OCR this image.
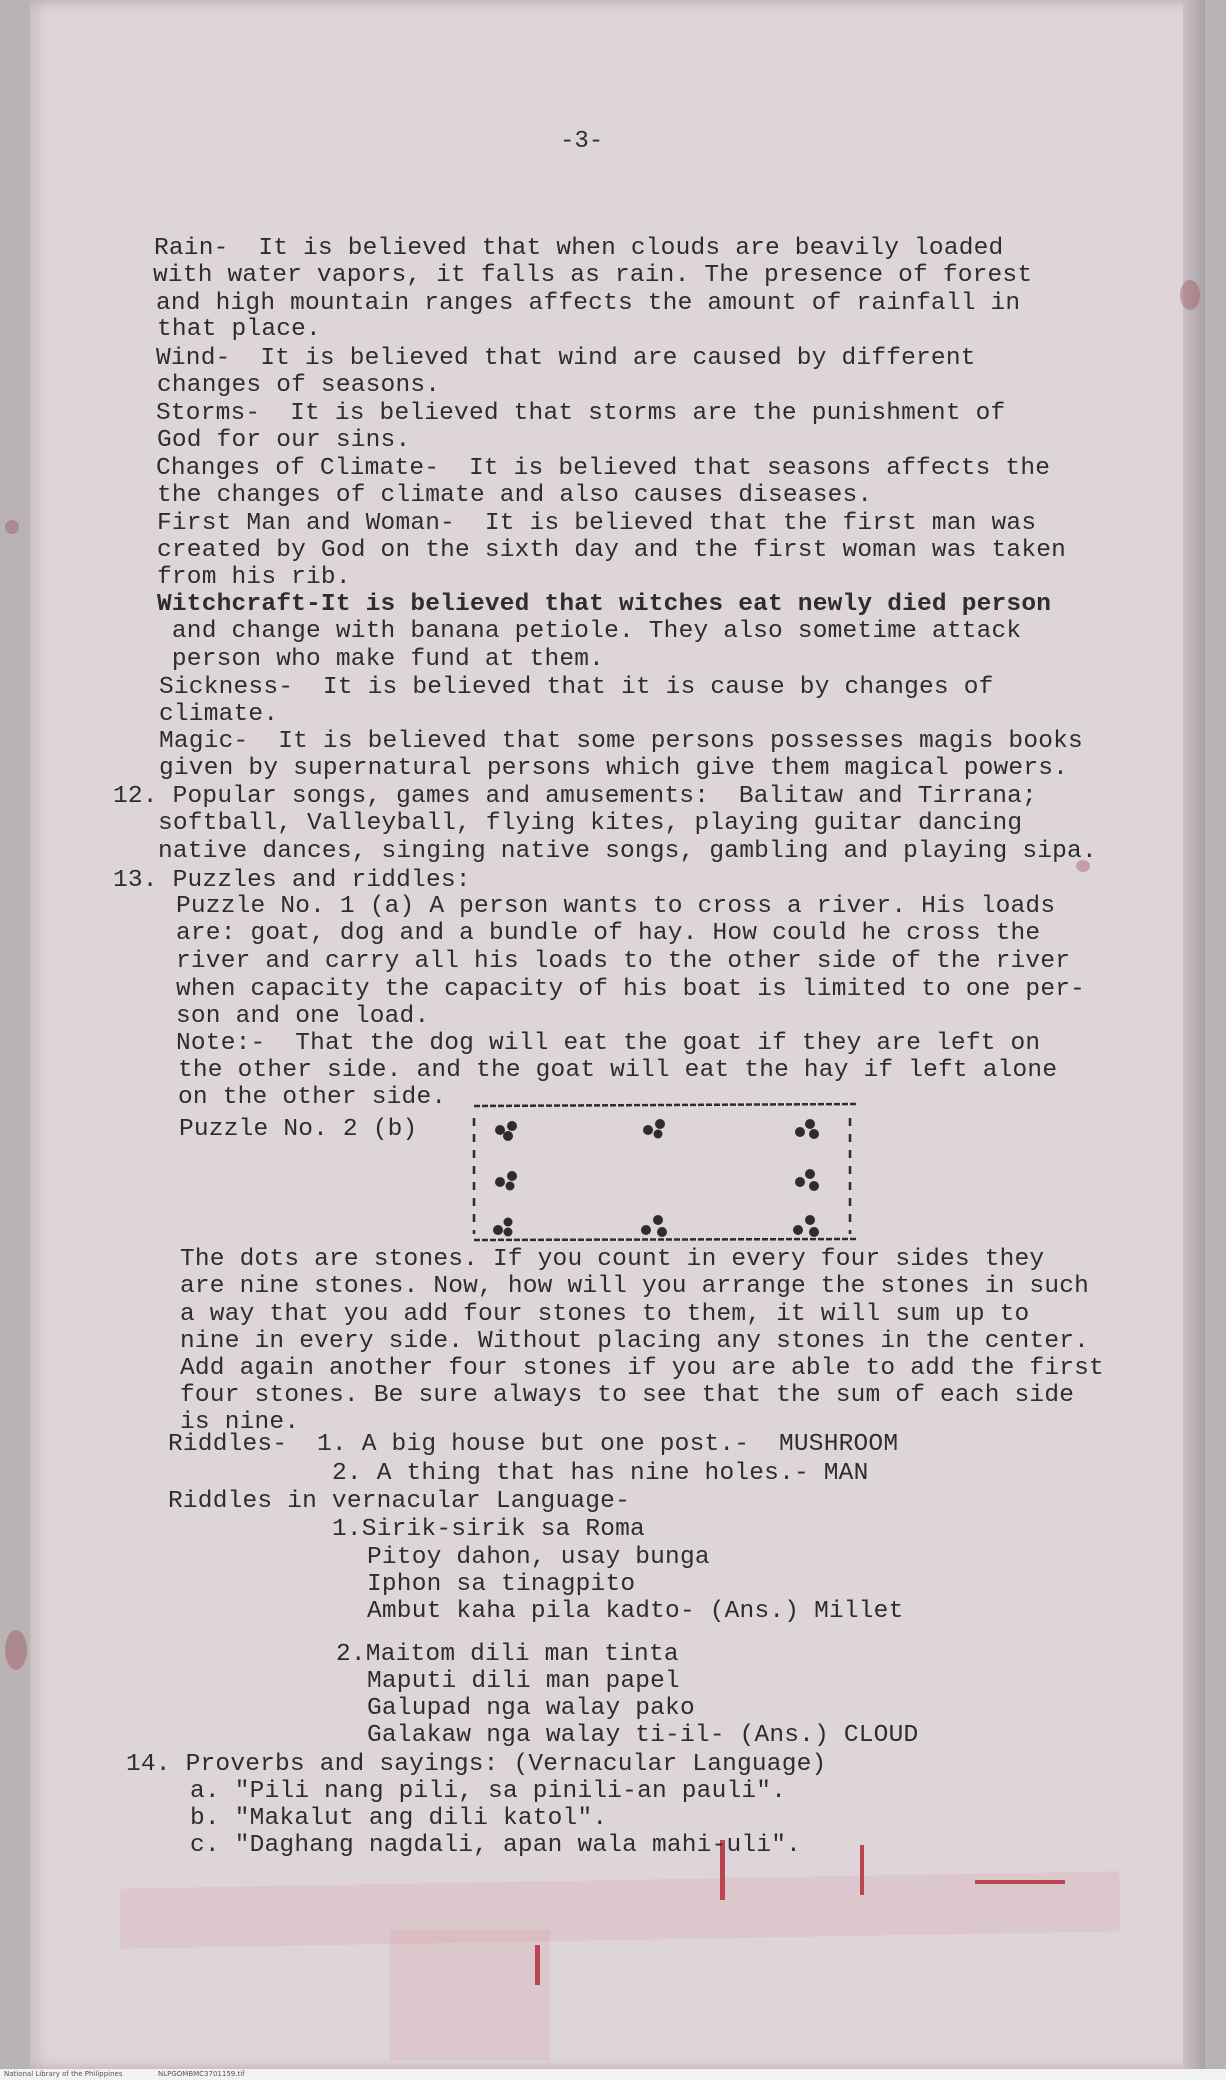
-3-
Rain-  It is believed that when clouds are beavily loaded
with water vapors, it falls as rain. The presence of forest
and high mountain ranges affects the amount of rainfall in
that place.
Wind-  It is believed that wind are caused by different
changes of seasons.
Storms-  It is believed that storms are the punishment of
God for our sins.
Changes of Climate-  It is believed that seasons affects the
the changes of climate and also causes diseases.
First Man and Woman-  It is believed that the first man was
created by God on the sixth day and the first woman was taken
from his rib.
Witchcraft-It is believed that witches eat newly died person
and change with banana petiole. They also sometime attack
person who make fund at them.
Sickness-  It is believed that it is cause by changes of
climate.
Magic-  It is believed that some persons possesses magis books
given by supernatural persons which give them magical powers.
12. Popular songs, games and amusements:  Balitaw and Tirrana;
softball, Valleyball, flying kites, playing guitar dancing
native dances, singing native songs, gambling and playing sipa.
13. Puzzles and riddles:
Puzzle No. 1 (a) A person wants to cross a river. His loads
are: goat, dog and a bundle of hay. How could he cross the
river and carry all his loads to the other side of the river
when capacity the capacity of his boat is limited to one per-
son and one load.
Note:-  That the dog will eat the goat if they are left on
the other side. and the goat will eat the hay if left alone
on the other side.
Puzzle No. 2 (b)
The dots are stones. If you count in every four sides they
are nine stones. Now, how will you arrange the stones in such
a way that you add four stones to them, it will sum up to
nine in every side. Without placing any stones in the center.
Add again another four stones if you are able to add the first
four stones. Be sure always to see that the sum of each side
is nine.
Riddles-  1. A big house but one post.-  MUSHROOM
2. A thing that has nine holes.- MAN
Riddles in vernacular Language-
1.Sirik-sirik sa Roma
Pitoy dahon, usay bunga
Iphon sa tinagpito
Ambut kaha pila kadto- (Ans.) Millet
2.Maitom dili man tinta
Maputi dili man papel
Galupad nga walay pako
Galakaw nga walay ti-il- (Ans.) CLOUD
14. Proverbs and sayings: (Vernacular Language)
a. "Pili nang pili, sa pinili-an pauli".
b. "Makalut ang dili katol".
c. "Daghang nagdali, apan wala mahi-uli".
National Library of the Philippines	NLPGOMBMC3701159.tif
